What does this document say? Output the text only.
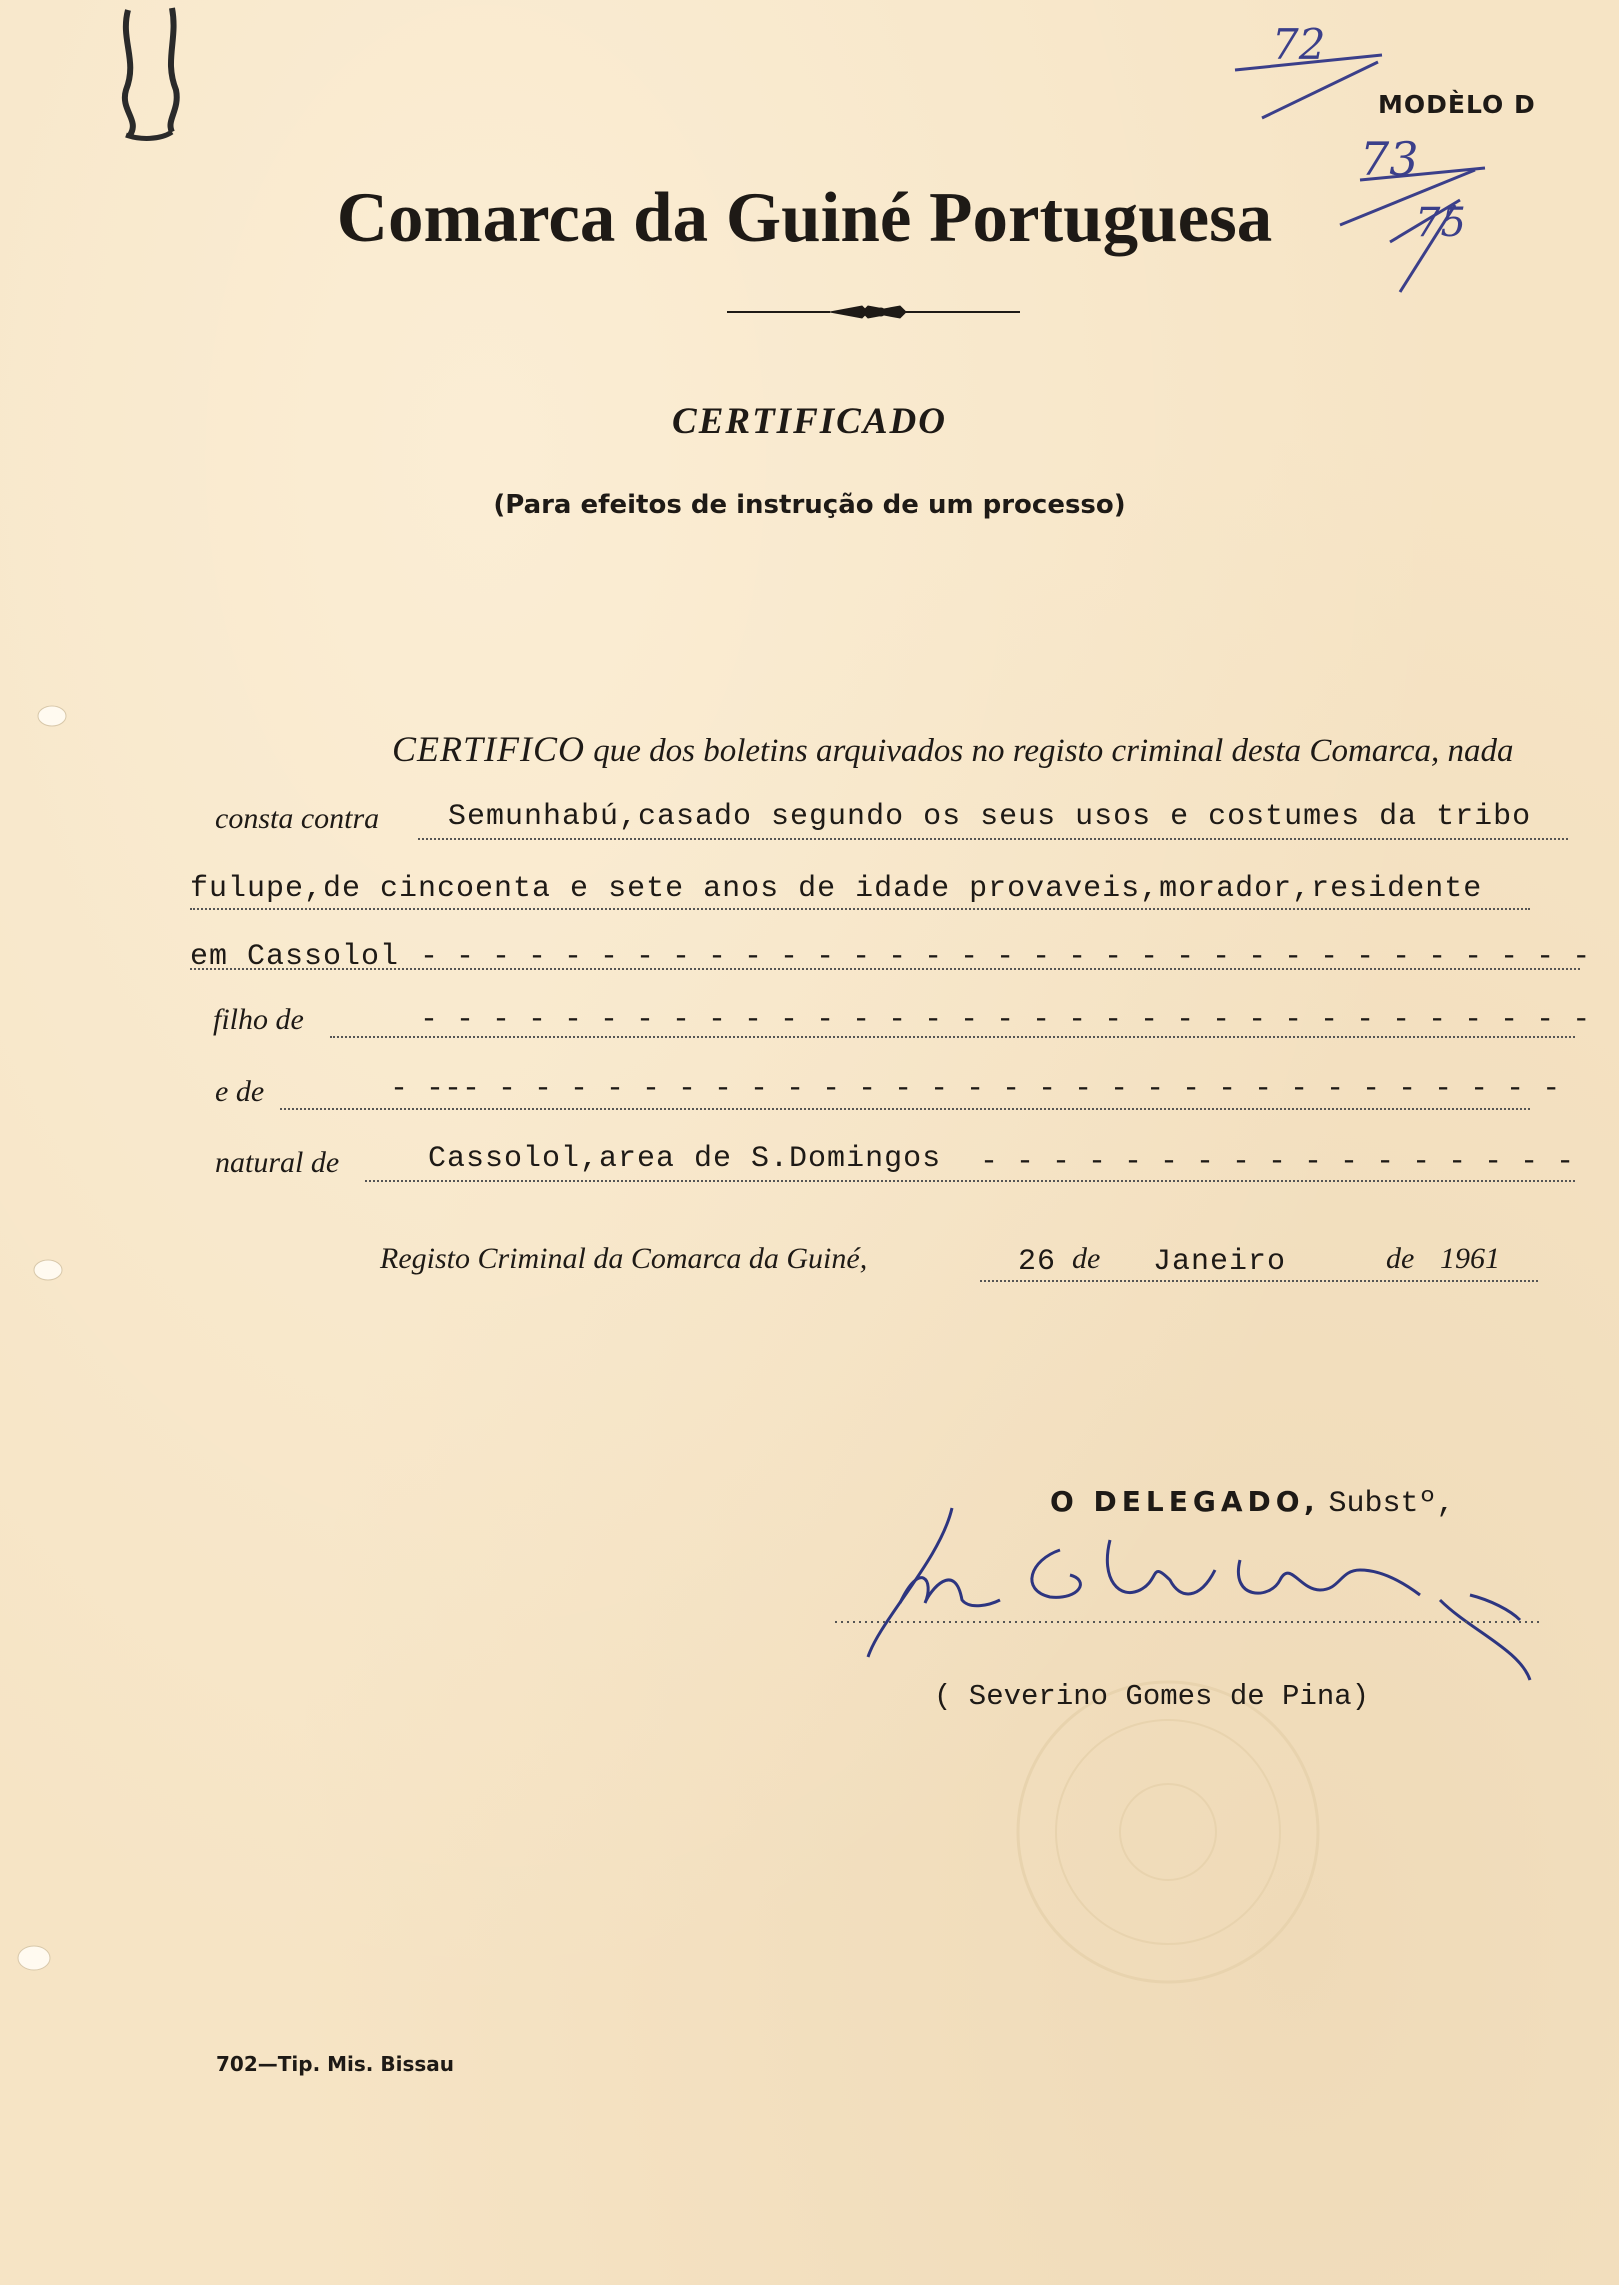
MODÈLO D
72
73
75
Comarca da Guiné Portuguesa
CERTIFICADO
(Para efeitos de instrução de um processo)
CERTIFICO que dos boletins arquivados no registo criminal desta Comarca, nada
consta contra Semunhabú,casado segundo os seus usos e costumes da tribo
fulupe,de cincoenta e sete anos de idade provaveis,morador,residente
em Cassolol - - - - - - - - - - - - - - - - - - - - - - - - - - - - - - - - -
filho de	- - - - - - - - - - - - - - - - - - - - - - - - - - - - - - - - -
e de	- --- - - - - - - - - - - - - - - - - - - - - - - - - - - - - - -
natural de	Cassolol,area de S.Domingos - - - - - - - - - - - - - - - - -
Registo Criminal da Comarca da Guiné,	26 de Janeiro	de 1961
O DELEGADO, Substº,
( Severino Gomes de Pina)
702—Tip. Mis. Bissau
